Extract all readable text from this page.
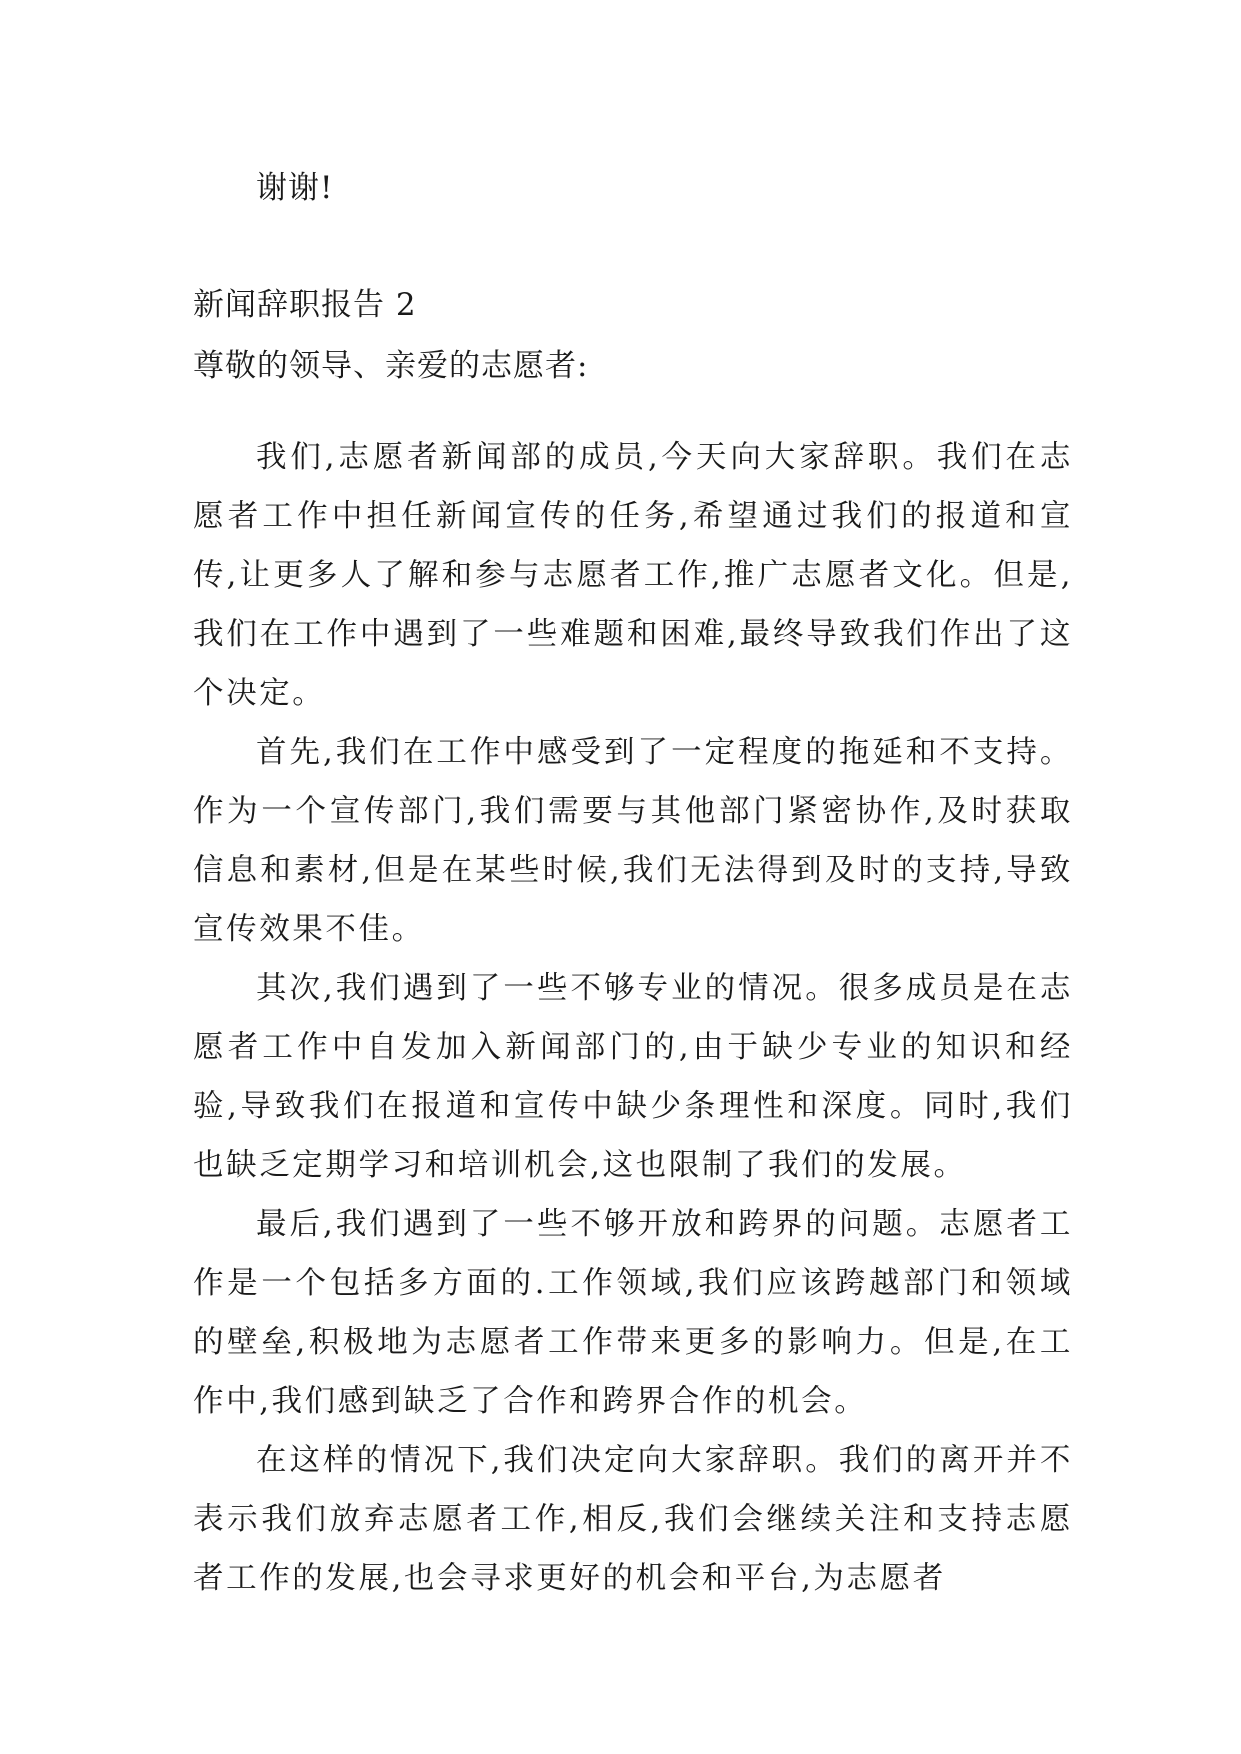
谢谢!
新闻辞职报告 2
尊敬的领导、亲爱的志愿者:

我们,志愿者新闻部的成员,今天向大家辞职。我们在志愿者工作中担任新闻宣传的任务,希望通过我们的报道和宣传,让更多人了解和参与志愿者工作,推广志愿者文化。但是,我们在工作中遇到了一些难题和困难,最终导致我们作出了这个决定。

首先,我们在工作中感受到了一定程度的拖延和不支持。作为一个宣传部门,我们需要与其他部门紧密协作,及时获取信息和素材,但是在某些时候,我们无法得到及时的支持,导致宣传效果不佳。

其次,我们遇到了一些不够专业的情况。很多成员是在志愿者工作中自发加入新闻部门的,由于缺少专业的知识和经验,导致我们在报道和宣传中缺少条理性和深度。同时,我们也缺乏定期学习和培训机会,这也限制了我们的发展。

最后,我们遇到了一些不够开放和跨界的问题。志愿者工作是一个包括多方面的.工作领域,我们应该跨越部门和领域的壁垒,积极地为志愿者工作带来更多的影响力。但是,在工作中,我们感到缺乏了合作和跨界合作的机会。

在这样的情况下,我们决定向大家辞职。我们的离开并不表示我们放弃志愿者工作,相反,我们会继续关注和支持志愿者工作的发展,也会寻求更好的机会和平台,为志愿者
